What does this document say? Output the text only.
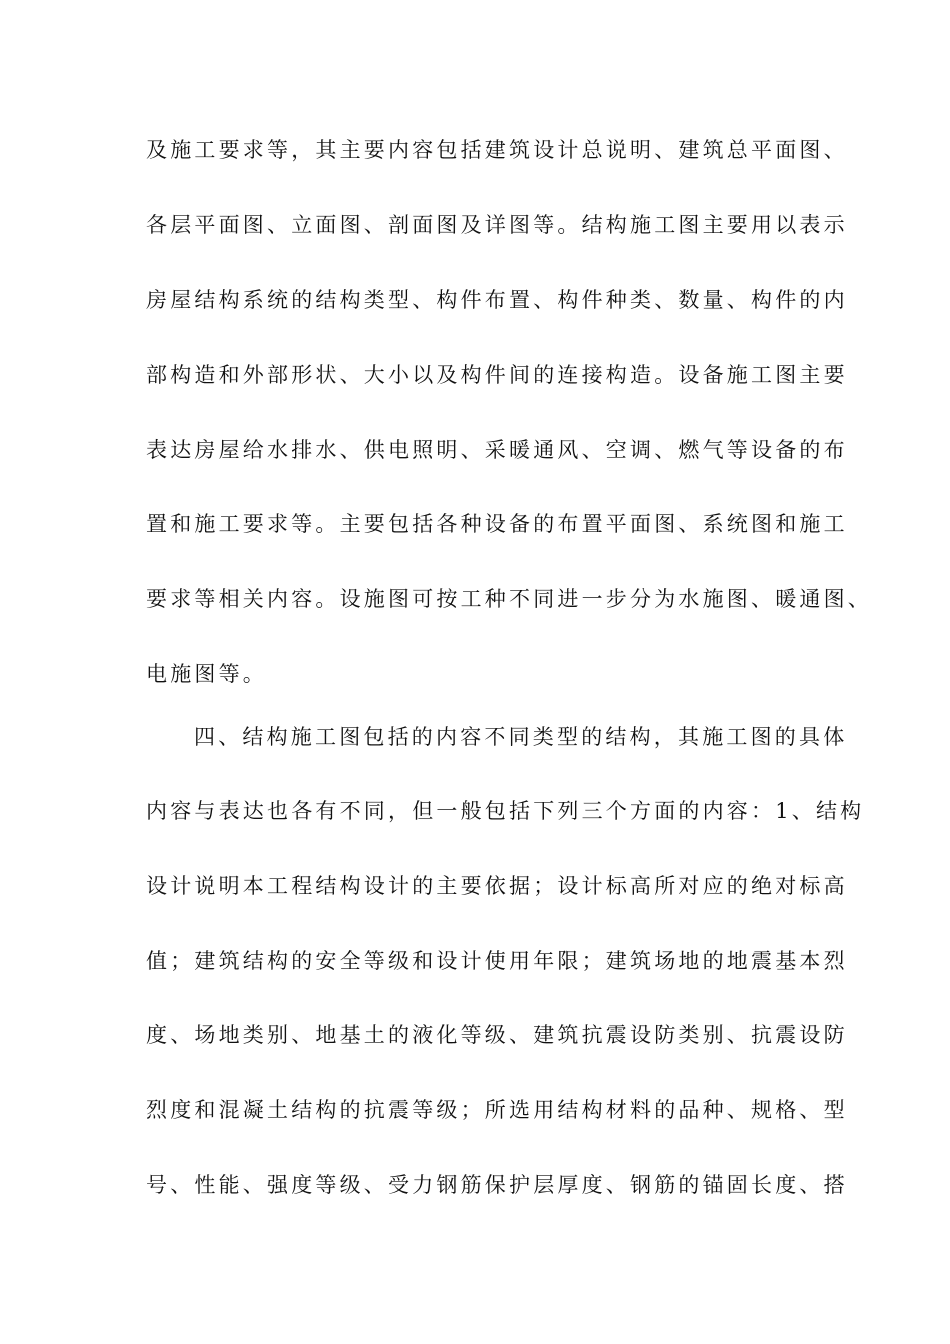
及施工要求等，其主要内容包括建筑设计总说明、建筑总平面图、
各层平面图、立面图、剖面图及详图等。结构施工图主要用以表示
房屋结构系统的结构类型、构件布置、构件种类、数量、构件的内
部构造和外部形状、大小以及构件间的连接构造。设备施工图主要
表达房屋给水排水、供电照明、采暖通风、空调、燃气等设备的布
置和施工要求等。主要包括各种设备的布置平面图、系统图和施工
要求等相关内容。设施图可按工种不同进一步分为水施图、暖通图、
电施图等。
四、结构施工图包括的内容不同类型的结构，其施工图的具体
内容与表达也各有不同，但一般包括下列三个方面的内容：1、结构
设计说明本工程结构设计的主要依据；设计标高所对应的绝对标高
值；建筑结构的安全等级和设计使用年限；建筑场地的地震基本烈
度、场地类别、地基土的液化等级、建筑抗震设防类别、抗震设防
烈度和混凝土结构的抗震等级；所选用结构材料的品种、规格、型
号、性能、强度等级、受力钢筋保护层厚度、钢筋的锚固长度、搭
